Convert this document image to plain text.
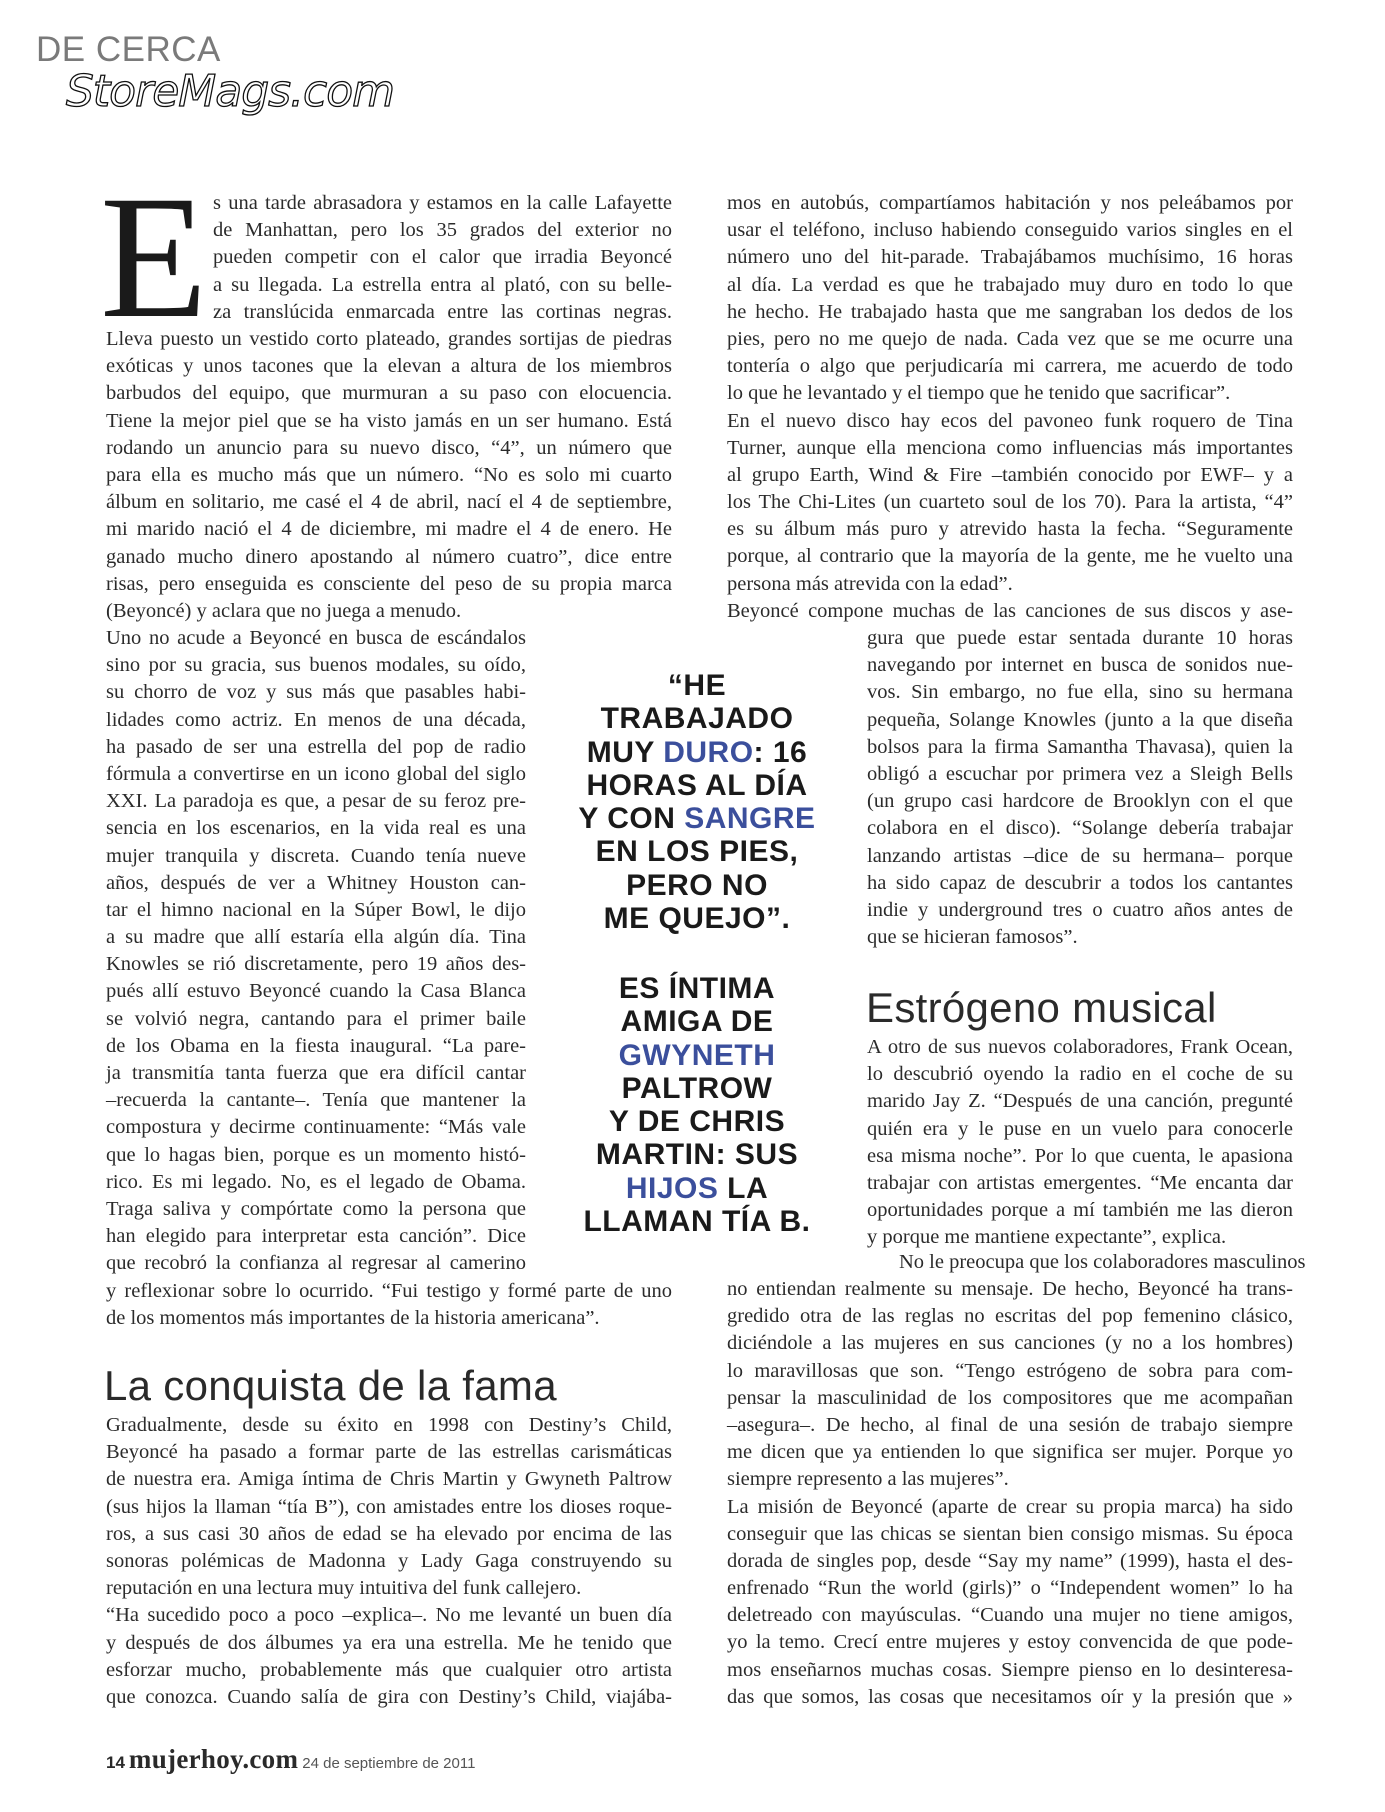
DE CERCA
StoreMags.com
E s una tarde abrasadora y estamos en la calle Lafayette
de Manhattan, pero los 35 grados del exterior no
pueden competir con el calor que irradia Beyoncé
a su llegada. La estrella entra al plató, con su belle-
za translúcida enmarcada entre las cortinas negras.
Lleva puesto un vestido corto plateado, grandes sortijas de piedras
exóticas y unos tacones que la elevan a altura de los miembros
barbudos del equipo, que murmuran a su paso con elocuencia.
Tiene la mejor piel que se ha visto jamás en un ser humano. Está
rodando un anuncio para su nuevo disco, “4”, un número que
para ella es mucho más que un número. “No es solo mi cuarto
álbum en solitario, me casé el 4 de abril, nací el 4 de septiembre,
mi marido nació el 4 de diciembre, mi madre el 4 de enero. He
ganado mucho dinero apostando al número cuatro”, dice entre
risas, pero enseguida es consciente del peso de su propia marca
(Beyoncé) y aclara que no juega a menudo.
Uno no acude a Beyoncé en busca de escándalos
sino por su gracia, sus buenos modales, su oído,
su chorro de voz y sus más que pasables habi-
lidades como actriz. En menos de una década,
ha pasado de ser una estrella del pop de radio
fórmula a convertirse en un icono global del siglo
XXI. La paradoja es que, a pesar de su feroz pre-
sencia en los escenarios, en la vida real es una
mujer tranquila y discreta. Cuando tenía nueve
años, después de ver a Whitney Houston can-
tar el himno nacional en la Súper Bowl, le dijo
a su madre que allí estaría ella algún día. Tina
Knowles se rió discretamente, pero 19 años des-
pués allí estuvo Beyoncé cuando la Casa Blanca
se volvió negra, cantando para el primer baile
de los Obama en la fiesta inaugural. “La pare-
ja transmitía tanta fuerza que era difícil cantar
–recuerda la cantante–. Tenía que mantener la
compostura y decirme continuamente: “Más vale
que lo hagas bien, porque es un momento histó-
rico. Es mi legado. No, es el legado de Obama.
Traga saliva y compórtate como la persona que
han elegido para interpretar esta canción”. Dice
que recobró la confianza al regresar al camerino
y reflexionar sobre lo ocurrido. “Fui testigo y formé parte de uno
de los momentos más importantes de la historia americana”.
La conquista de la fama
Gradualmente, desde su éxito en 1998 con Destiny’s Child,
Beyoncé ha pasado a formar parte de las estrellas carismáticas
de nuestra era. Amiga íntima de Chris Martin y Gwyneth Paltrow
(sus hijos la llaman “tía B”), con amistades entre los dioses roque-
ros, a sus casi 30 años de edad se ha elevado por encima de las
sonoras polémicas de Madonna y Lady Gaga construyendo su
reputación en una lectura muy intuitiva del funk callejero.
“Ha sucedido poco a poco –explica–. No me levanté un buen día
y después de dos álbumes ya era una estrella. Me he tenido que
esforzar mucho, probablemente más que cualquier otro artista
que conozca. Cuando salía de gira con Destiny’s Child, viajába-
mos en autobús, compartíamos habitación y nos peleábamos por
usar el teléfono, incluso habiendo conseguido varios singles en el
número uno del hit-parade. Trabajábamos muchísimo, 16 horas
al día. La verdad es que he trabajado muy duro en todo lo que
he hecho. He trabajado hasta que me sangraban los dedos de los
pies, pero no me quejo de nada. Cada vez que se me ocurre una
tontería o algo que perjudicaría mi carrera, me acuerdo de todo
lo que he levantado y el tiempo que he tenido que sacrificar”.
En el nuevo disco hay ecos del pavoneo funk roquero de Tina
Turner, aunque ella menciona como influencias más importantes
al grupo Earth, Wind & Fire –también conocido por EWF– y a
los The Chi-Lites (un cuarteto soul de los 70). Para la artista, “4”
es su álbum más puro y atrevido hasta la fecha. “Seguramente
porque, al contrario que la mayoría de la gente, me he vuelto una
persona más atrevida con la edad”.
Beyoncé compone muchas de las canciones de sus discos y ase-
gura que puede estar sentada durante 10 horas
navegando por internet en busca de sonidos nue-
vos. Sin embargo, no fue ella, sino su hermana
pequeña, Solange Knowles (junto a la que diseña
bolsos para la firma Samantha Thavasa), quien la
obligó a escuchar por primera vez a Sleigh Bells
(un grupo casi hardcore de Brooklyn con el que
colabora en el disco). “Solange debería trabajar
lanzando artistas –dice de su hermana– porque
ha sido capaz de descubrir a todos los cantantes
indie y underground tres o cuatro años antes de
que se hicieran famosos”.
Estrógeno musical
A otro de sus nuevos colaboradores, Frank Ocean,
lo descubrió oyendo la radio en el coche de su
marido Jay Z. “Después de una canción, pregunté
quién era y le puse en un vuelo para conocerle
esa misma noche”. Por lo que cuenta, le apasiona
trabajar con artistas emergentes. “Me encanta dar
oportunidades porque a mí también me las dieron
y porque me mantiene expectante”, explica.
No le preocupa que los colaboradores masculinos
no entiendan realmente su mensaje. De hecho, Beyoncé ha trans-
gredido otra de las reglas no escritas del pop femenino clásico,
diciéndole a las mujeres en sus canciones (y no a los hombres)
lo maravillosas que son. “Tengo estrógeno de sobra para com-
pensar la masculinidad de los compositores que me acompañan
–asegura–. De hecho, al final de una sesión de trabajo siempre
me dicen que ya entienden lo que significa ser mujer. Porque yo
siempre represento a las mujeres”.
La misión de Beyoncé (aparte de crear su propia marca) ha sido
conseguir que las chicas se sientan bien consigo mismas. Su época
dorada de singles pop, desde “Say my name” (1999), hasta el des-
enfrenado “Run the world (girls)” o “Independent women” lo ha
deletreado con mayúsculas. “Cuando una mujer no tiene amigos,
yo la temo. Crecí entre mujeres y estoy convencida de que pode-
mos enseñarnos muchas cosas. Siempre pienso en lo desinteresa-
das que somos, las cosas que necesitamos oír y la presión que »
“HE
TRABAJADO
MUY DURO: 16
HORAS AL DÍA
Y CON SANGRE
EN LOS PIES,
PERO NO
ME QUEJO”.
ES ÍNTIMA
AMIGA DE
GWYNETH
PALTROW
Y DE CHRIS
MARTIN: SUS
HIJOS LA
LLAMAN TÍA B.
14 mujerhoy.com 24 de septiembre de 2011
